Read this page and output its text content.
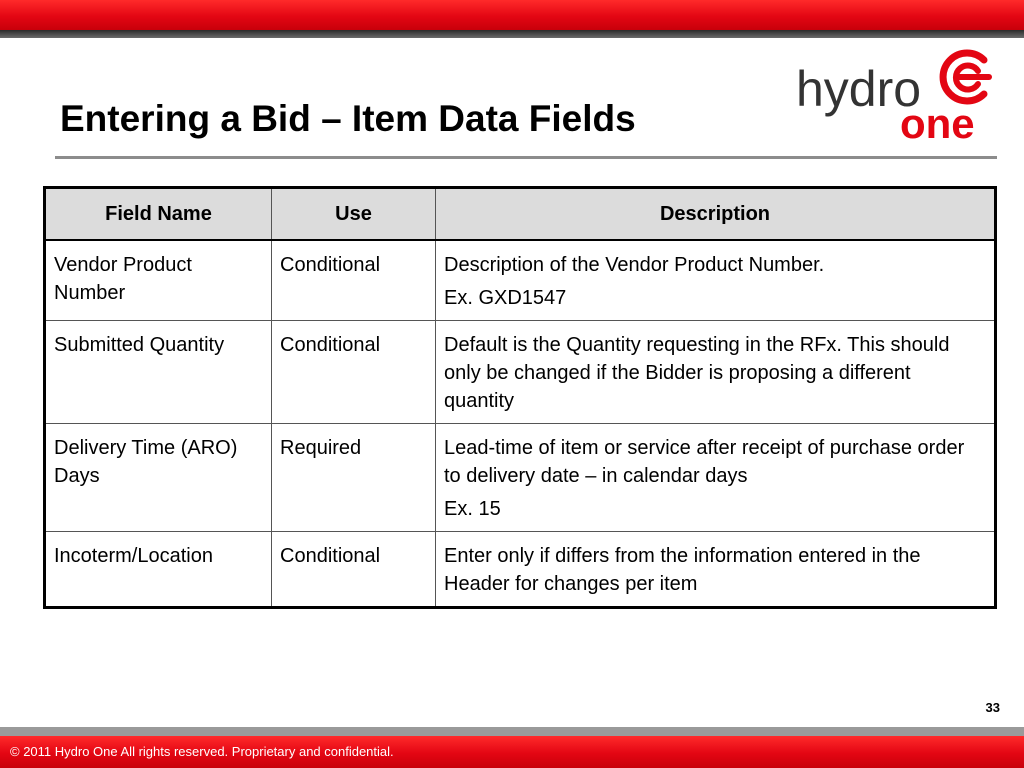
hydro
one
Entering a Bid – Item Data Fields
Field Name	Use	Description
Vendor Product Number	Conditional	Description of the Vendor Product Number.

Ex. GXD1547

Submitted Quantity	Conditional	Default is the Quantity requesting in the RFx. This should only be changed if the Bidder is proposing a different quantity

Delivery Time (ARO) Days	Required	Lead-time of item or service after receipt of purchase order to delivery date – in calendar days

Ex. 15

Incoterm/Location	Conditional	Enter only if differs from the information entered in the Header for changes per item

33
© 2011 Hydro One All rights reserved. Proprietary and confidential.
